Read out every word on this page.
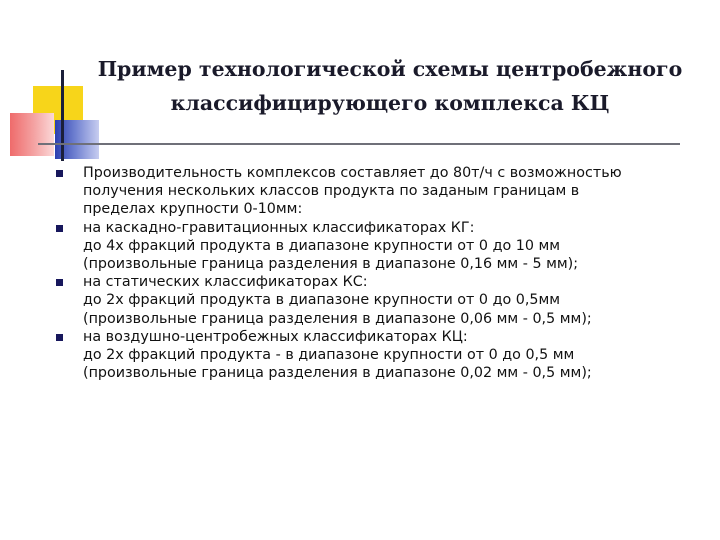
Пример технологической схемы центробежного
классифицирующего комплекса КЦ
Производительность комплексов составляет до 80т/ч с возможностью
получения нескольких классов продукта по заданым границам в
пределах крупности 0-10мм:
на каскадно-гравитационных классификаторах КГ:
до 4х фракций продукта в диапазоне крупности от 0 до 10 мм
(произвольные граница разделения в диапазоне 0,16 мм - 5 мм);
на статических классификаторах КС:
до 2х фракций продукта в диапазоне крупности от 0 до 0,5мм
(произвольные граница разделения в диапазоне 0,06 мм - 0,5 мм);
на воздушно-центробежных классификаторах КЦ:
до 2х фракций продукта - в диапазоне крупности от 0 до 0,5 мм
(произвольные граница разделения в диапазоне 0,02 мм - 0,5 мм);
